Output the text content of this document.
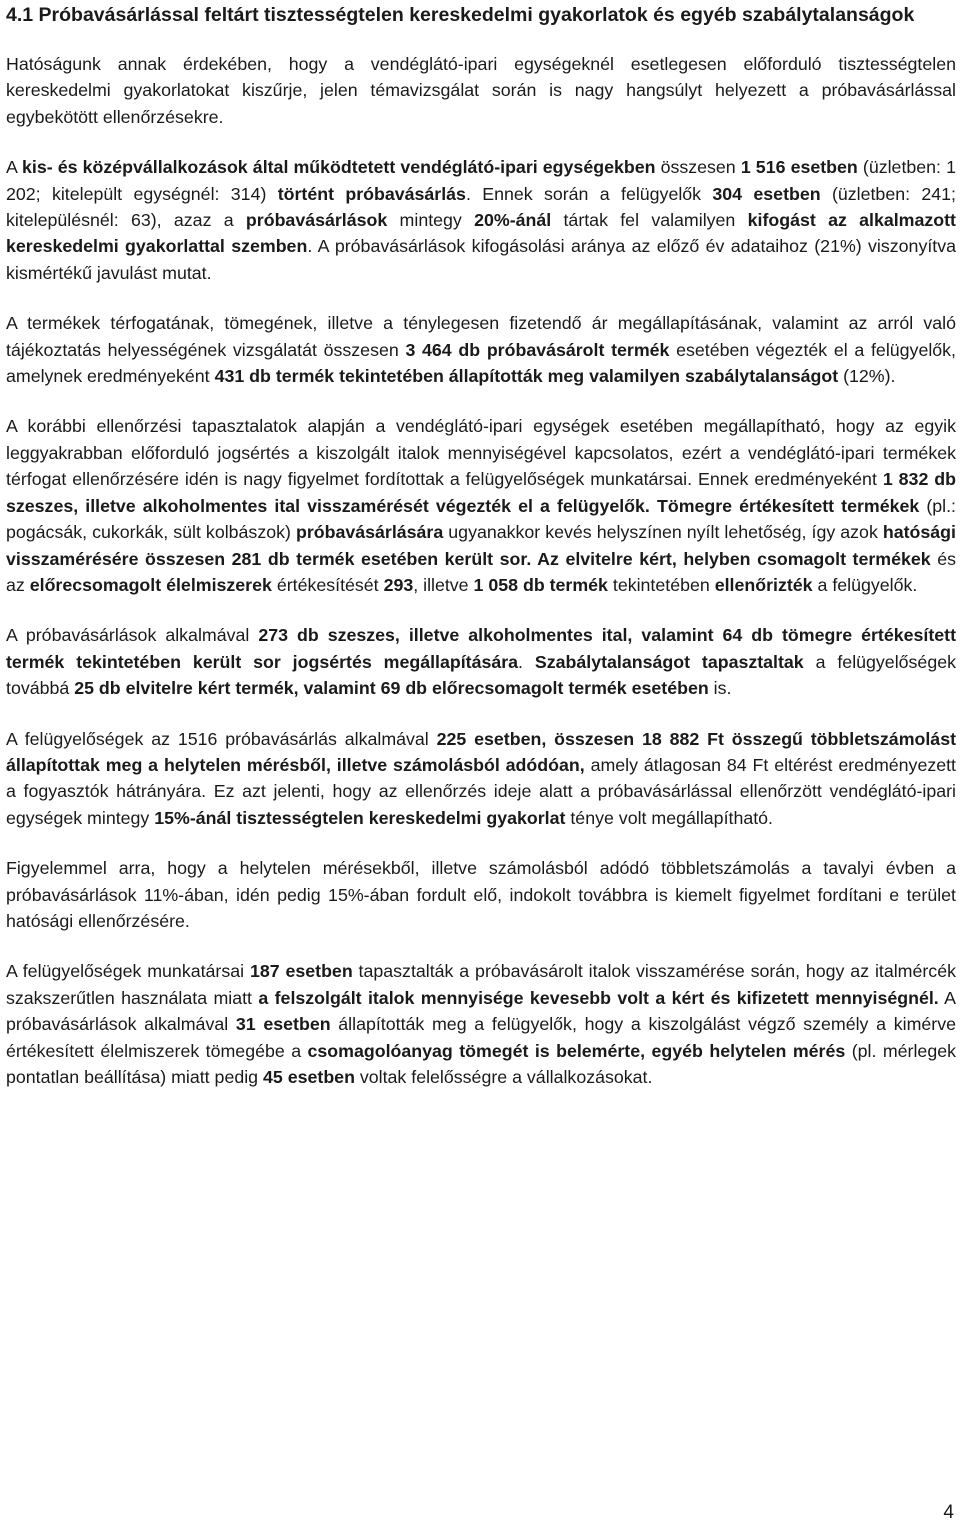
4.1 Próbavásárlással feltárt tisztességtelen kereskedelmi gyakorlatok és egyéb szabálytalanságok

Hatóságunk annak érdekében, hogy a vendéglátó-ipari egységeknél esetlegesen előforduló tisztességtelen kereskedelmi gyakorlatokat kiszűrje, jelen témavizsgálat során is nagy hangsúlyt helyezett a próbavásárlással egybekötött ellenőrzésekre.

A kis- és középvállalkozások által működtetett vendéglátó-ipari egységekben összesen 1 516 esetben (üzletben: 1 202; kitelepült egységnél: 314) történt próbavásárlás. Ennek során a felügyelők 304 esetben (üzletben: 241; kitelepülésnél: 63), azaz a próbavásárlások mintegy 20%-ánál tártak fel valamilyen kifogást az alkalmazott kereskedelmi gyakorlattal szemben. A próbavásárlások kifogásolási aránya az előző év adataihoz (21%) viszonyítva kismértékű javulást mutat.

A termékek térfogatának, tömegének, illetve a ténylegesen fizetendő ár megállapításának, valamint az arról való tájékoztatás helyességének vizsgálatát összesen 3 464 db próbavásárolt termék esetében végezték el a felügyelők, amelynek eredményeként 431 db termék tekintetében állapították meg valamilyen szabálytalanságot (12%).

A korábbi ellenőrzési tapasztalatok alapján a vendéglátó-ipari egységek esetében megállapítható, hogy az egyik leggyakrabban előforduló jogsértés a kiszolgált italok mennyiségével kapcsolatos, ezért a vendéglátó-ipari termékek térfogat ellenőrzésére idén is nagy figyelmet fordítottak a felügyelőségek munkatársai. Ennek eredményeként 1 832 db szeszes, illetve alkoholmentes ital visszamérését végezték el a felügyelők. Tömegre értékesített termékek (pl.: pogácsák, cukorkák, sült kolbászok) próbavásárlására ugyanakkor kevés helyszínen nyílt lehetőség, így azok hatósági visszamérésére összesen 281 db termék esetében került sor. Az elvitelre kért, helyben csomagolt termékek és az előrecsomagolt élelmiszerek értékesítését 293, illetve 1 058 db termék tekintetében ellenőrizték a felügyelők.

A próbavásárlások alkalmával 273 db szeszes, illetve alkoholmentes ital, valamint 64 db tömegre értékesített termék tekintetében került sor jogsértés megállapítására. Szabálytalanságot tapasztaltak a felügyelőségek továbbá 25 db elvitelre kért termék, valamint 69 db előrecsomagolt termék esetében is.

A felügyelőségek az 1516 próbavásárlás alkalmával 225 esetben, összesen 18 882 Ft összegű többletszámolást állapítottak meg a helytelen mérésből, illetve számolásból adódóan, amely átlagosan 84 Ft eltérést eredményezett a fogyasztók hátrányára. Ez azt jelenti, hogy az ellenőrzés ideje alatt a próbavásárlással ellenőrzött vendéglátó-ipari egységek mintegy 15%-ánál tisztességtelen kereskedelmi gyakorlat ténye volt megállapítható.

Figyelemmel arra, hogy a helytelen mérésekből, illetve számolásból adódó többletszámolás a tavalyi évben a próbavásárlások 11%-ában, idén pedig 15%-ában fordult elő, indokolt továbbra is kiemelt figyelmet fordítani e terület hatósági ellenőrzésére.

A felügyelőségek munkatársai 187 esetben tapasztalták a próbavásárolt italok visszamérése során, hogy az italmércék szakszerűtlen használata miatt a felszolgált italok mennyisége kevesebb volt a kért és kifizetett mennyiségnél. A próbavásárlások alkalmával 31 esetben állapították meg a felügyelők, hogy a kiszolgálást végző személy a kimérve értékesített élelmiszerek tömegébe a csomagolóanyag tömegét is belemérte, egyéb helytelen mérés (pl. mérlegek pontatlan beállítása) miatt pedig 45 esetben voltak felelősségre a vállalkozásokat.

4
